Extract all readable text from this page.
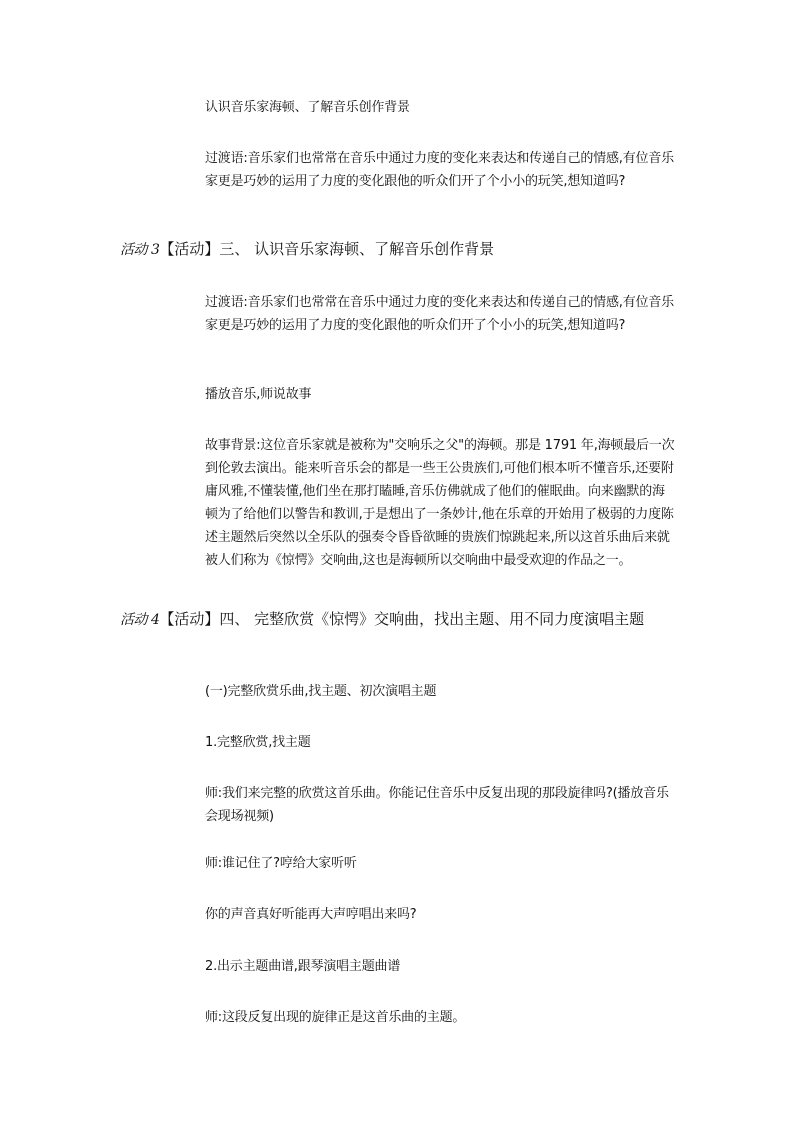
认识音乐家海顿、了解音乐创作背景

过渡语:音乐家们也常常在音乐中通过力度的变化来表达和传递自己的情感,有位音乐家更是巧妙的运用了力度的变化跟他的听众们开了个小小的玩笑,想知道吗?

活动 3【活动】三、 认识音乐家海顿、了解音乐创作背景

过渡语:音乐家们也常常在音乐中通过力度的变化来表达和传递自己的情感,有位音乐家更是巧妙的运用了力度的变化跟他的听众们开了个小小的玩笑,想知道吗?

播放音乐,师说故事

故事背景:这位音乐家就是被称为"交响乐之父"的海顿。那是 1791 年,海顿最后一次到伦敦去演出。能来听音乐会的都是一些王公贵族们,可他们根本听不懂音乐,还要附庸风雅,不懂装懂,他们坐在那打瞌睡,音乐仿佛就成了他们的催眠曲。向来幽默的海顿为了给他们以警告和教训,于是想出了一条妙计,他在乐章的开始用了极弱的力度陈述主题然后突然以全乐队的强奏令昏昏欲睡的贵族们惊跳起来,所以这首乐曲后来就被人们称为《惊愕》交响曲,这也是海顿所以交响曲中最受欢迎的作品之一。

活动 4【活动】四、 完整欣赏《惊愕》交响曲，找出主题、用不同力度演唱主题

(一)完整欣赏乐曲,找主题、初次演唱主题

1.完整欣赏,找主题

师:我们来完整的欣赏这首乐曲。你能记住音乐中反复出现的那段旋律吗?(播放音乐会现场视频)

师:谁记住了?哼给大家听听

你的声音真好听能再大声哼唱出来吗?

2.出示主题曲谱,跟琴演唱主题曲谱

师:这段反复出现的旋律正是这首乐曲的主题。
